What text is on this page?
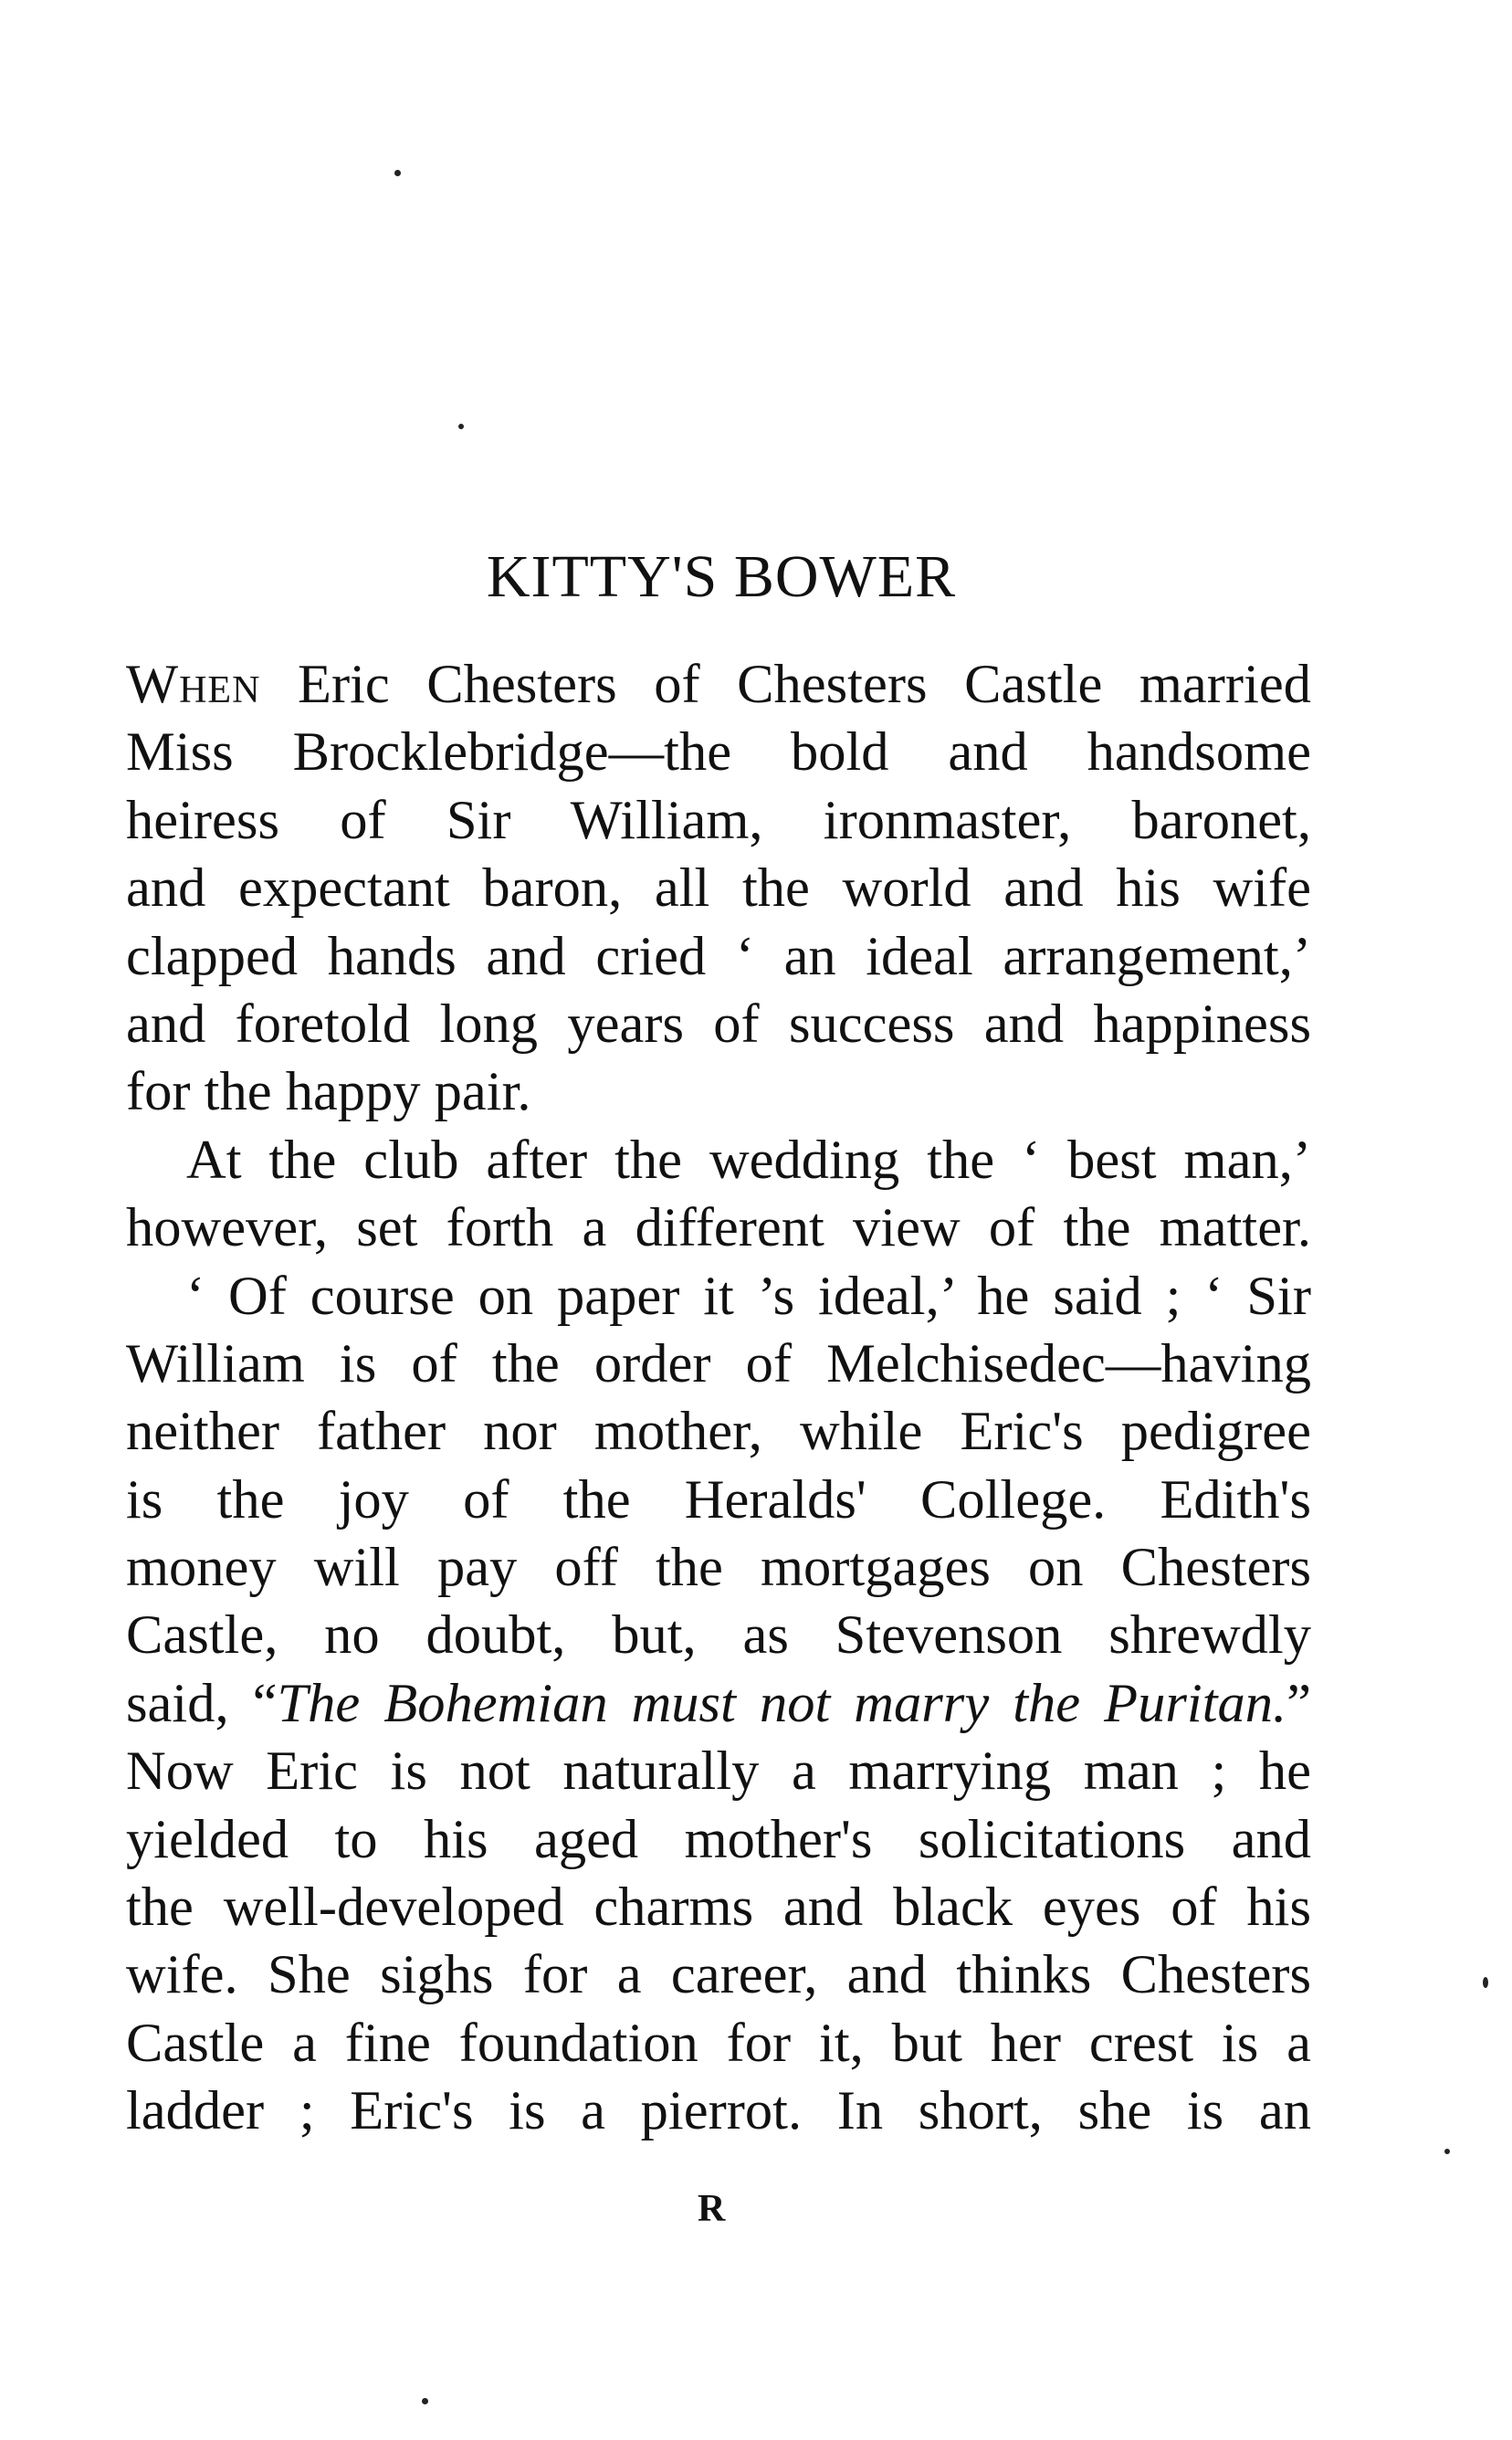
KITTY'S BOWER

When Eric Chesters of Chesters Castle married
Miss Brocklebridge—the bold and handsome
heiress of Sir William, ironmaster, baronet,
and expectant baron, all the world and his wife
clapped hands and cried ‘ an ideal arrangement,’
and foretold long years of success and happiness
for the happy pair.

At the club after the wedding the ‘ best man,’
however, set forth a different view of the matter.

‘ Of course on paper it ’s ideal,’ he said ; ‘ Sir
William is of the order of Melchisedec—having
neither father nor mother, while Eric's pedigree
is the joy of the Heralds' College. Edith's
money will pay off the mortgages on Chesters
Castle, no doubt, but, as Stevenson shrewdly
said, “The Bohemian must not marry the Puritan.”
Now Eric is not naturally a marrying man ; he
yielded to his aged mother's solicitations and
the well-developed charms and black eyes of his
wife. She sighs for a career, and thinks Chesters
Castle a fine foundation for it, but her crest is a
ladder ; Eric's is a pierrot. In short, she is an

R
